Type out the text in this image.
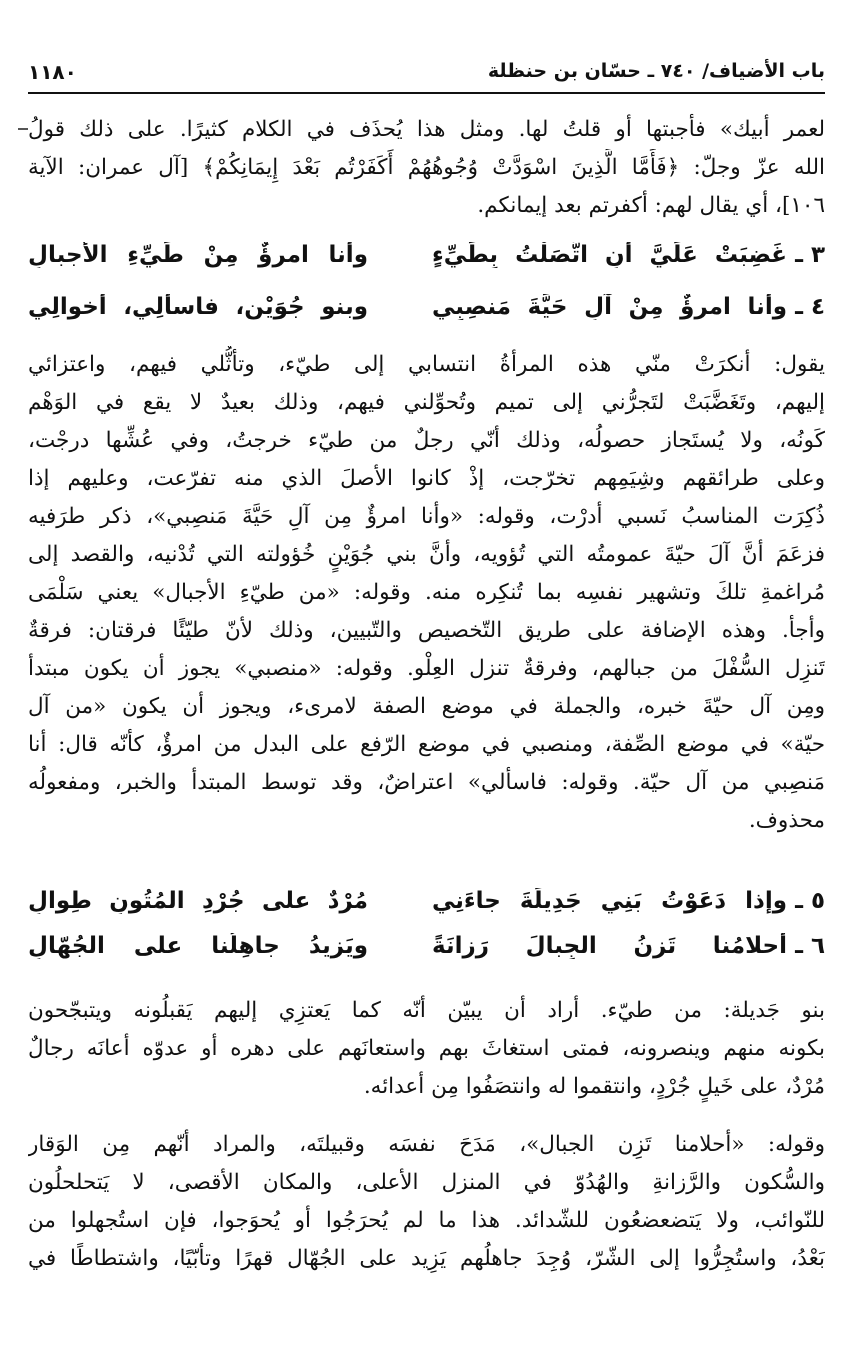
باب الأضياف/ ٧٤٠ ـ حسّان بن حنظلة
١١٨٠
لعمر أبيك» فأجبتها أو قلتُ لها. ومثل هذا يُحذَف في الكلام كثيرًا. على ذلك قولُ
الله عزّ وجلّ: ﴿فَأَمَّا الَّذِينَ اسْوَدَّتْ وُجُوهُهُمْ أَكَفَرْتُم بَعْدَ إِيمَانِكُمْ﴾ [آل عمران: الآية
١٠٦]، أي يقال لهم: أكفرتم بعد إيمانكم.
٣ ـ
غَضِبَتْ عَلَيَّ أنِ اتَّصَلْتُ بِطَيِّءٍ
وأنا امرؤٌ مِنْ طَيِّءِ الأجبالِ
٤ ـ
وأنا امرؤٌ مِنْ آلِ حَيَّةَ مَنصِبِي
وبنو جُوَيْنٍ، فاسألِي، أخوالِي
يقول: أنكرَتْ منّي هذه المرأةُ انتسابي إلى طيّء، وتأثُّلي فيهم، واعتزائي
إليهم، وتَغَضَّبَتْ لتَجرُّني إلى تميم وتُحوِّلني فيهم، وذلك بعيدٌ لا يقع في الوَهْم
كَونُه، ولا يُستَجاز حصولُه، وذلك أنّي رجلٌ من طيّء خرجتُ، وفي عُشِّها درجْت،
وعلى طرائقهم وشِيَمِهم تخرّجت، إذْ كانوا الأصلَ الذي منه تفرّعت، وعليهم إذا
ذُكِرَت المناسبُ نَسبي أدرْت، وقوله: «وأنا امرؤٌ مِن آلِ حَيَّةَ مَنصِبي»، ذكر طرَفيه
فزعَمَ أنَّ آلَ حيّةَ عمومتُه التي تُؤويه، وأنَّ بني جُوَيْنٍ خُؤولته التي تُدْنيه، والقصد إلى
مُراغمةِ تلكَ وتشهير نفسِه بما تُنكِره منه. وقوله: «من طيّءِ الأجبال» يعني سَلْمَى
وأجأ. وهذه الإضافة على طريق التّخصيص والتّبيين، وذلك لأنّ طيّئًا فرقتان: فرقةٌ
تَنزِل السُّفْلَ من جبالهم، وفرقةٌ تنزل العِلْو. وقوله: «منصبي» يجوز أن يكون مبتدأ
ومِن آل حيّةَ خبره، والجملة في موضع الصفة لامرىء، ويجوز أن يكون «من آل
حيّة» في موضع الصِّفة، ومنصبي في موضع الرّفع على البدل من امرؤٌ، كأنّه قال: أنا
مَنصِبي من آل حيّة. وقوله: فاسألي» اعتراضٌ، وقد توسط المبتدأ والخبر، ومفعولُه
محذوف.
٥ ـ
وإذا دَعَوْتُ بَنِي جَدِيلَةَ جاءَنِي
مُرْدٌ على جُرْدِ المُتُونِ طِوالِ
٦ ـ
أحلامُنا تَزِنُ الجِبالَ رَزانَةً
ويَزِيدُ جاهِلُنا على الجُهّالِ
بنو جَديلة: من طيّء. أراد أن يبيّن أنّه كما يَعتزِي إليهم يَقبلُونه ويتبجّحون
بكونه منهم وينصرونه، فمتى استغاثَ بهم واستعانَهم على دهره أو عدوّه أعانَه رجالٌ
مُرْدٌ، على خَيلٍ جُرْدٍ، وانتقموا له وانتصَفُوا مِن أعدائه.
وقوله: «أحلامنا تَزِن الجبال»، مَدَحَ نفسَه وقبيلتَه، والمراد أنّهم مِن الوَقار
والسُّكون والرَّزانةِ والهُدُوّ في المنزل الأعلى، والمكان الأقصى، لا يَتحلحلُون
للنّوائب، ولا يَتضعضعُون للشّدائد. هذا ما لم يُحرَجُوا أو يُحوَجوا، فإن استُجهلوا من
بَعْدُ، واستُجِرُّوا إلى الشّرّ، وُجِدَ جاهلُهم يَزِيد على الجُهّال قهرًا وتأبّيًا، واشتطاطًا في
